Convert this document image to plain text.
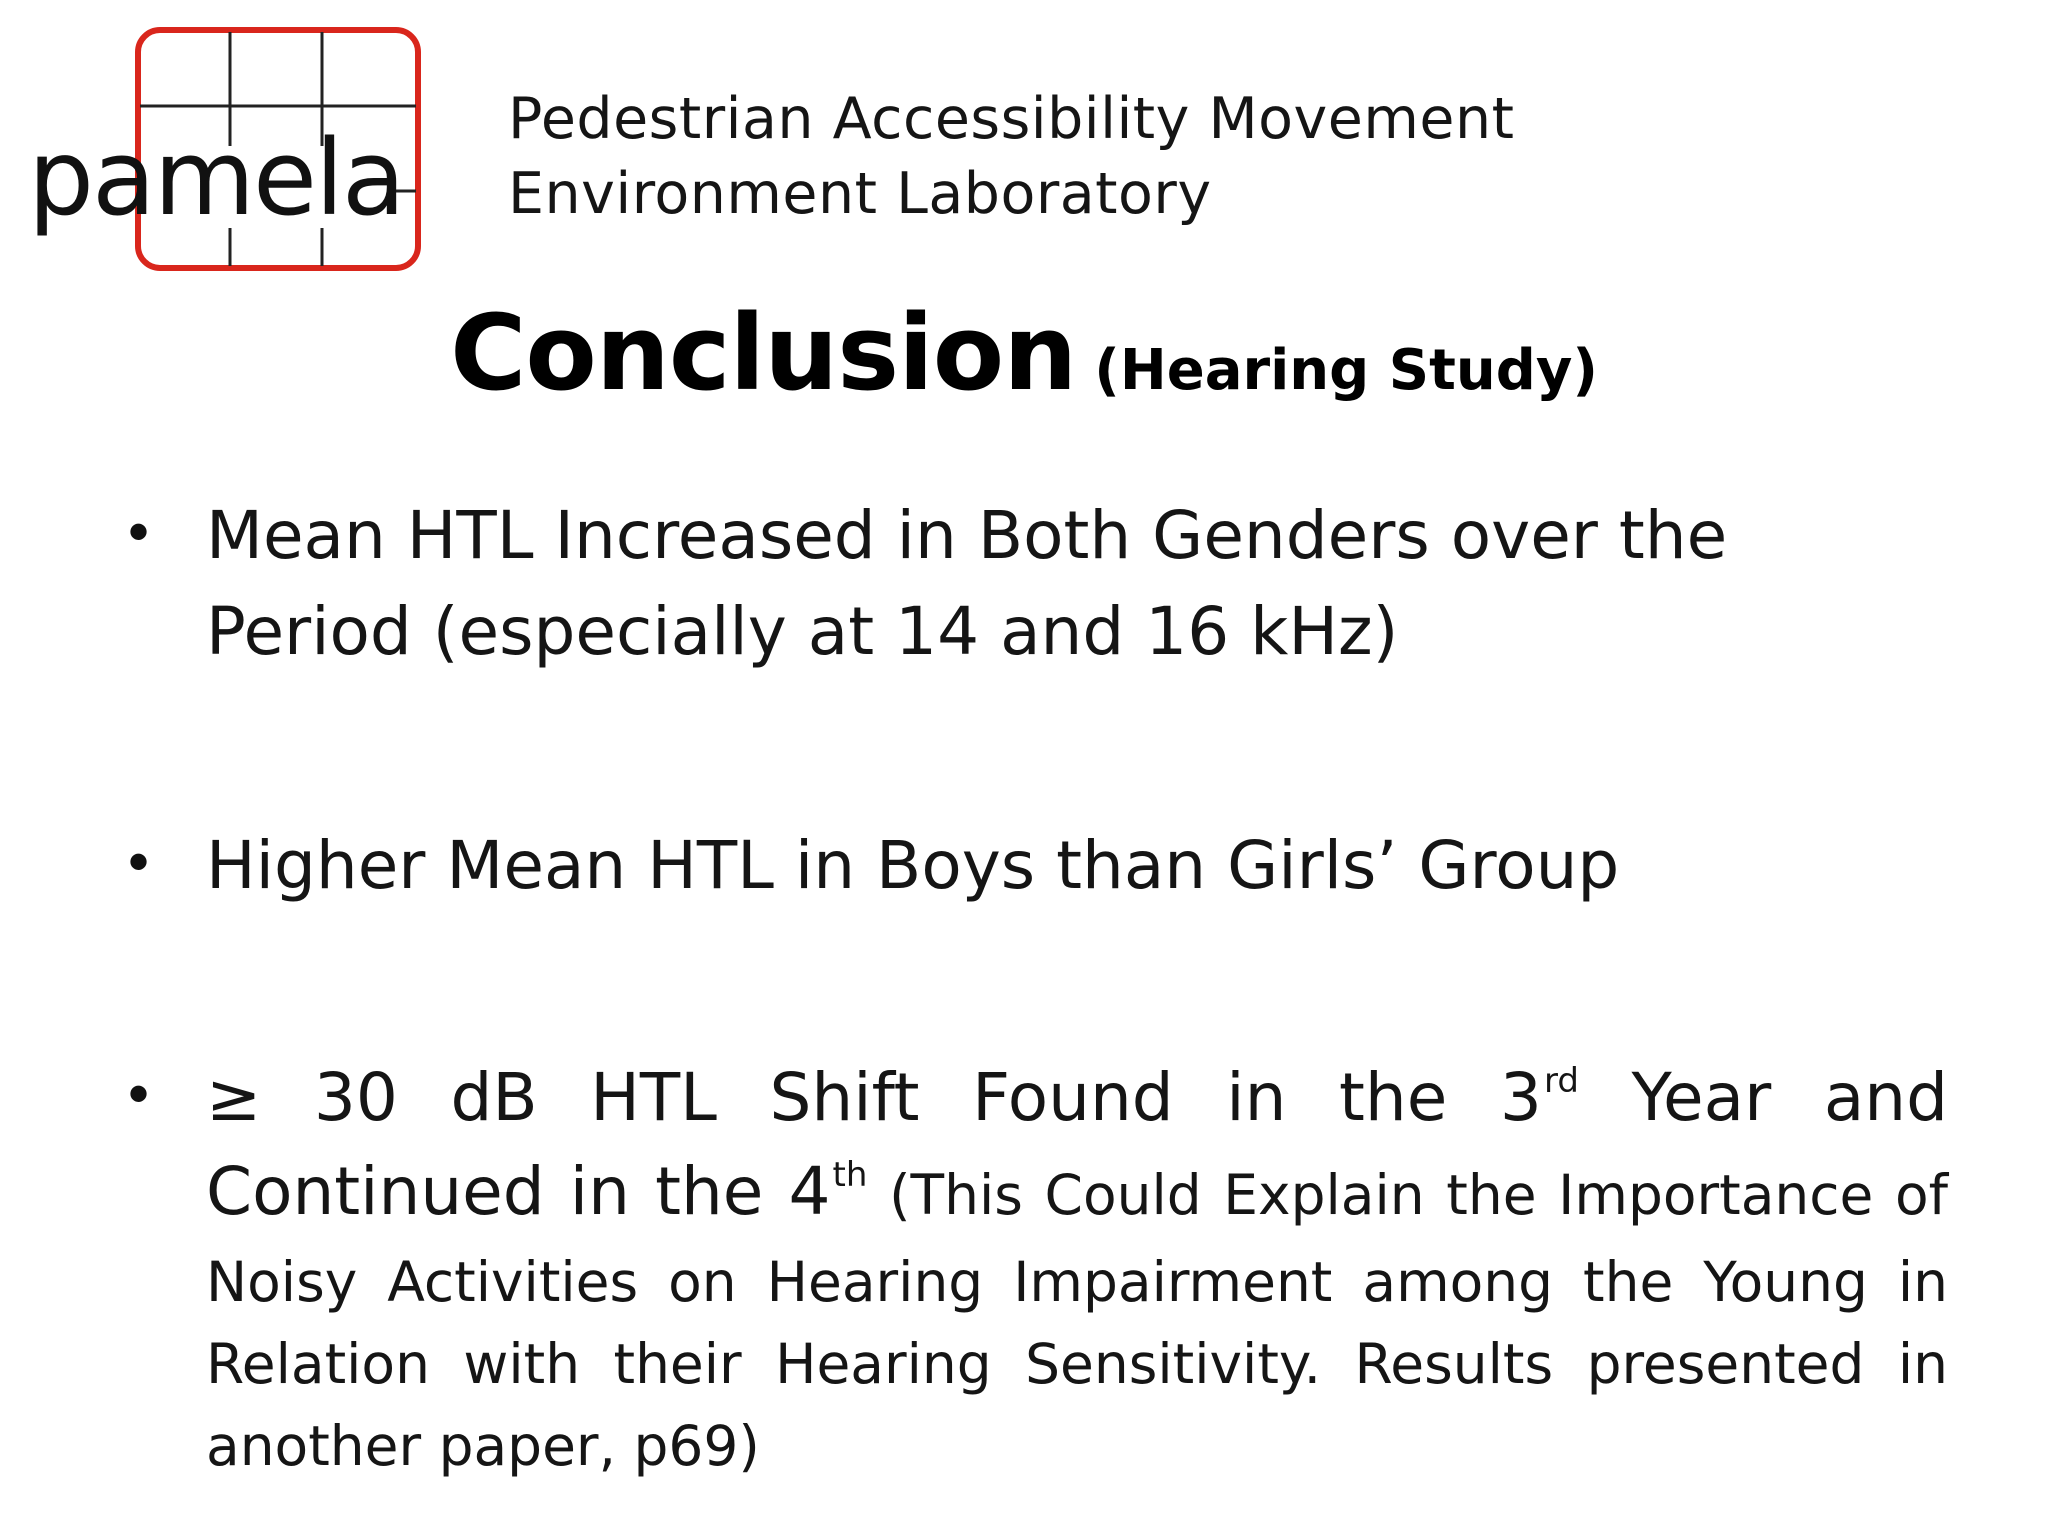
pamela Pedestrian Accessibility Movement
Environment Laboratory
Conclusion (Hearing Study)
• Mean HTL Increased in Both Genders over the Period (especially at 14 and 16 kHz)
• Higher Mean HTL in Boys than Girls’ Group
• ≥ 30 dB HTL Shift Found in the 3rd Year and
Continued in the 4th (This Could Explain the Importance of
Noisy Activities on Hearing Impairment among the Young in Relation with their Hearing Sensitivity. Results presented in another paper, p69)
